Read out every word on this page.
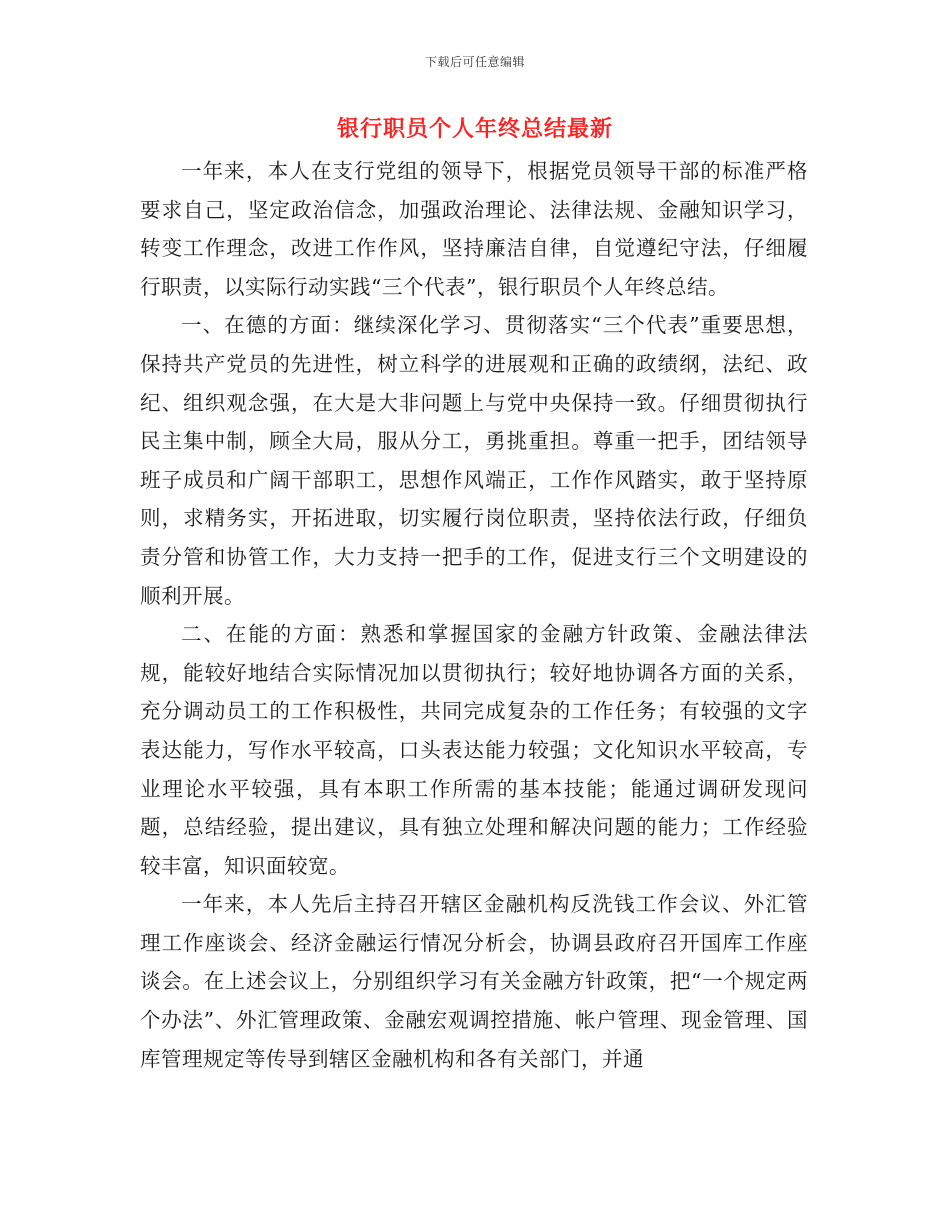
下载后可任意编辑
银行职员个人年终总结最新

一年来，本人在支行党组的领导下，根据党员领导干部的标准严格要求自己，坚定政治信念，加强政治理论、法律法规、金融知识学习，转变工作理念，改进工作作风，坚持廉洁自律，自觉遵纪守法，仔细履行职责，以实际行动实践“三个代表”，银行职员个人年终总结。

一、在德的方面：继续深化学习、贯彻落实“三个代表”重要思想，保持共产党员的先进性，树立科学的进展观和正确的政绩纲，法纪、政纪、组织观念强，在大是大非问题上与党中央保持一致。仔细贯彻执行民主集中制，顾全大局，服从分工，勇挑重担。尊重一把手，团结领导班子成员和广阔干部职工，思想作风端正，工作作风踏实，敢于坚持原则，求精务实，开拓进取，切实履行岗位职责，坚持依法行政，仔细负责分管和协管工作，大力支持一把手的工作，促进支行三个文明建设的顺利开展。

二、在能的方面：熟悉和掌握国家的金融方针政策、金融法律法规，能较好地结合实际情况加以贯彻执行；较好地协调各方面的关系，充分调动员工的工作积极性，共同完成复杂的工作任务；有较强的文字表达能力，写作水平较高，口头表达能力较强；文化知识水平较高，专业理论水平较强，具有本职工作所需的基本技能；能通过调研发现问题，总结经验，提出建议，具有独立处理和解决问题的能力；工作经验较丰富，知识面较宽。

一年来，本人先后主持召开辖区金融机构反洗钱工作会议、外汇管理工作座谈会、经济金融运行情况分析会，协调县政府召开国库工作座谈会。在上述会议上，分别组织学习有关金融方针政策，把“一个规定两个办法”、外汇管理政策、金融宏观调控措施、帐户管理、现金管理、国库管理规定等传导到辖区金融机构和各有关部门，并通
